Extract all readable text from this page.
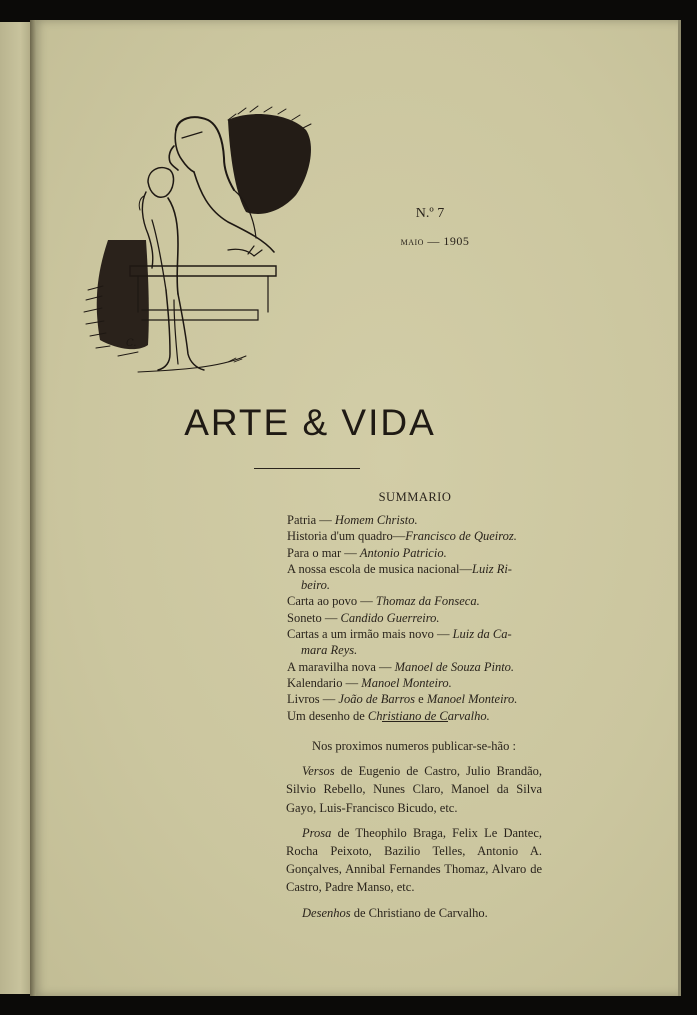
C.
N.º 7
maio — 1905
ARTE & VIDA
SUMMARIO
Patria — Homem Christo.
Historia d'um quadro—Francisco de Queiroz.
Para o mar — Antonio Patricio.
A nossa escola de musica nacional—Luiz Ri-
beiro.
Carta ao povo — Thomaz da Fonseca.
Soneto — Candido Guerreiro.
Cartas a um irmão mais novo — Luiz da Ca-
mara Reys.
A maravilha nova — Manoel de Souza Pinto.
Kalendario — Manoel Monteiro.
Livros — João de Barros e Manoel Monteiro.
Um desenho de Christiano de Carvalho.

Nos proximos numeros publicar-se-hão :

Versos de Eugenio de Castro, Julio Brandão, Silvio Rebello, Nunes Claro, Manoel da Silva Gayo, Luis-Francisco Bicudo, etc.

Prosa de Theophilo Braga, Felix Le Dantec, Rocha Peixoto, Bazilio Telles, Antonio A. Gonçalves, Annibal Fernandes Thomaz, Alvaro de Castro, Padre Manso, etc.

Desenhos de Christiano de Carvalho.
